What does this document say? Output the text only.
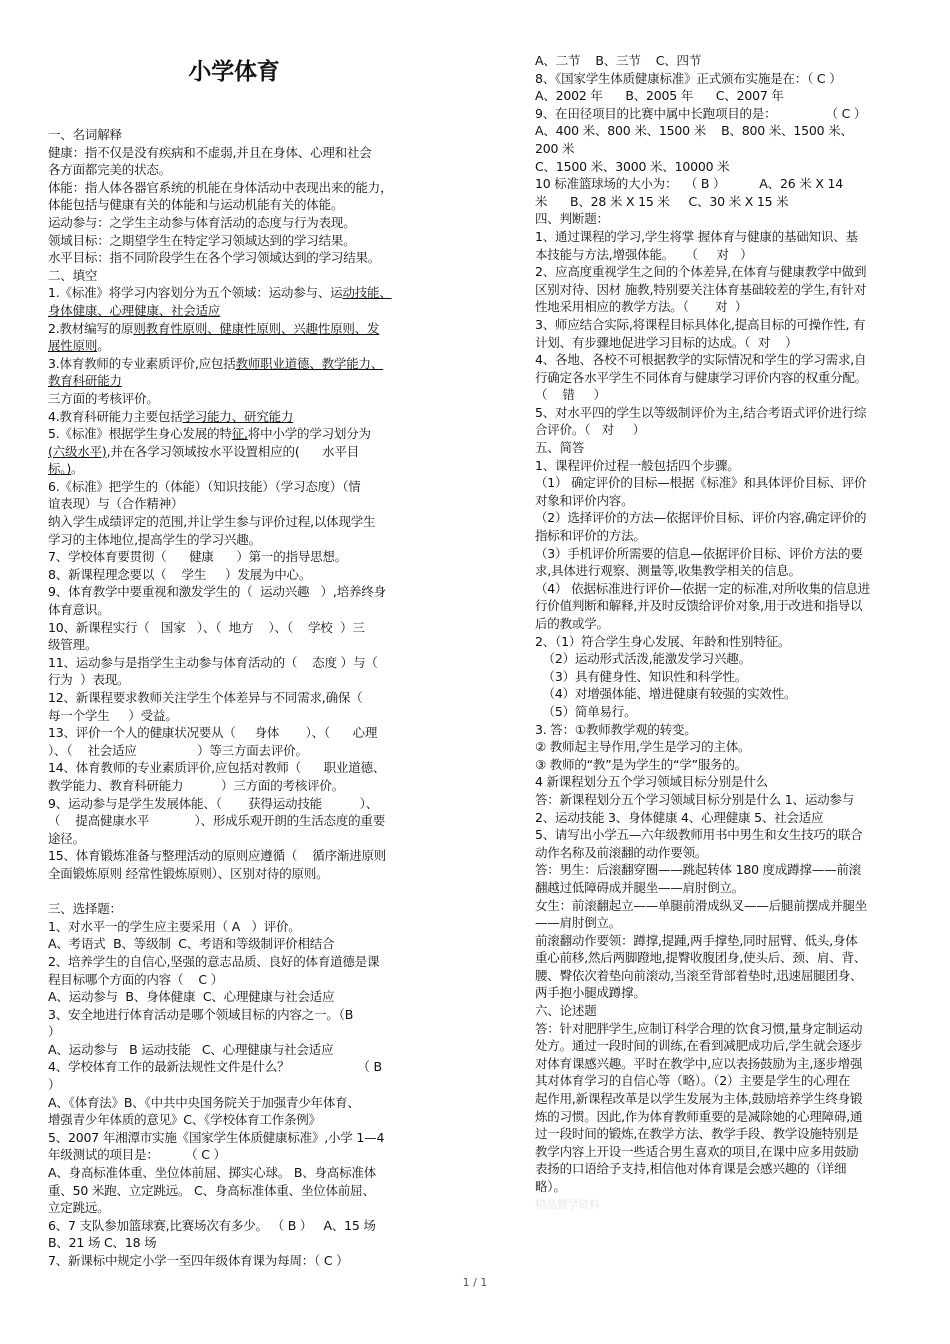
小学体育
一、名词解释
健康：指不仅是没有疾病和不虚弱,并且在身体、心理和社会
各方面都完美的状态。
体能：指人体各器官系统的机能在身体活动中表现出来的能力，
体能包括与健康有关的体能和与运动机能有关的体能。
运动参与：之学生主动参与体育活动的态度与行为表现。
领域目标：之期望学生在特定学习领域达到的学习结果。
水平目标：指不同阶段学生在各个学习领域达到的学习结果。
二、填空
1.《标准》将学习内容划分为五个领域：运动参与、运动技能、
身体健康、心理健康、社会适应
2.教材编写的原则教育性原则、健康性原则、兴趣性原则、发
展性原则。
3.体育教师的专业素质评价,应包括教师职业道德、教学能力、
教育科研能力
三方面的考核评价。
4.教育科研能力主要包括学习能力、研究能力
5.《标准》根据学生身心发展的特征,将中小学的学习划分为
(六级水平),并在各学习领域按水平设置相应的(      水平目
标。)。
6.《标准》把学生的（体能）（知识技能）（学习态度）（情
谊表现）与（合作精神）
纳入学生成绩评定的范围,并让学生参与评价过程,以体现学生
学习的主体地位,提高学生的学习兴趣。
7、学校体育要贯彻（      健康      ）第一的指导思想。
8、新课程理念要以（    学生     ）发展为中心。
9、体育教学中要重视和激发学生的（  运动兴趣   ）,培养终身
体育意识。
10、新课程实行（   国家   ）、（  地方    ）、（    学校  ）三
级管理。
11、运动参与是指学生主动参与体育活动的（    态度 ）与（
行为  ）表现。
12、新课程要求教师关注学生个体差异与不同需求,确保（
每一个学生     ）受益。
13、评价一个人的健康状况要从（     身体       ）、（      心理
）、（    社会适应                ）等三方面去评价。
14、体育教师的专业素质评价,应包括对教师（      职业道德、
教学能力、教育科研能力          ）三方面的考核评价。
9、运动参与是学生发展体能、（       获得运动技能          ）、
（    提高健康水平            ）、形成乐观开朗的生活态度的重要
途径。
15、体育锻炼准备与整理活动的原则应遵循（    循序渐进原则
全面锻炼原则 经常性锻炼原则）、区别对待的原则。
三、选择题：
1、对水平一的学生应主要采用（ A   ）评价。
A、考语式  B、等级制  C、考语和等级制评价相结合
2、培养学生的自信心,坚强的意志品质、良好的体育道德是课
程目标哪个方面的内容（    C ）
A、运动参与  B、身体健康  C、心理健康与社会适应
3、安全地进行体育活动是哪个领域目标的内容之一。（B
）
A、运动参与   B 运动技能   C、心理健康与社会适应
4、学校体育工作的最新法规性文件是什么？                  （ B
）
A、《体育法》B、《中共中央国务院关于加强青少年体育、
增强青少年体质的意见》C、《学校体育工作条例》
5、2007 年湘潭市实施《国家学生体质健康标准》,小学 1—4
年级测试的项目是：       （ C ）
A、身高标准体重、坐位体前屈、掷实心球。 B、身高标准体
重、50 米跑、立定跳远。 C、身高标准体重、坐位体前屈、
立定跳远。
6、7 支队参加篮球赛,比赛场次有多少。 （ B ）   A、15 场
B、21 场 C、18 场
7、新课标中规定小学一至四年级体育课为每周：（ C ）
A、二节    B、三节    C、四节
8、《国家学生体质健康标准》正式颁布实施是在：（ C ）
A、2002 年      B、2005 年      C、2007 年
9、在田径项目的比赛中属中长跑项目的是：             （ C ）
A、400 米、800 米、1500 米    B、800 米、1500 米、
200 米
C、1500 米、3000 米、10000 米
10 标准篮球场的大小为：  （ B ）         A、26 米 X 14
米      B、28 米 X 15 米     C、30 米 X 15 米
四、判断题：
1、通过课程的学习,学生将掌 握体育与健康的基础知识、基
本技能与方法,增强体能。   （     对   ）
2、应高度重视学生之间的个体差异,在体育与健康教学中做到
区别对待、因材 施教,特别要关注体育基础较差的学生,有针对
性地采用相应的教学方法。（       对  ）
3、师应结合实际,将课程目标具体化,提高目标的可操作性, 有
计划、有步骤地促进学习目标的达成。（  对    ）
4、各地、各校不可根据教学的实际情况和学生的学习需求,自
行确定各水平学生不同体育与健康学习评价内容的权重分配。
（    错     ）
5、对水平四的学生以等级制评价为主,结合考语式评价进行综
合评价。（   对     ）
五、简答
1、课程评价过程一般包括四个步骤。
（1） 确定评价的目标—根据《标准》和具体评价目标、评价
对象和评价内容。
（2）选择评价的方法—依据评价目标、评价内容,确定评价的
指标和评价的方法。
（3）手机评价所需要的信息—依据评价目标、评价方法的要
求,具体进行观察、测量等,收集教学相关的信息。
（4） 依据标准进行评价—依据一定的标准,对所收集的信息进
行价值判断和解释,并及时反馈给评价对象,用于改进和指导以
后的教或学。
2、（1）符合学生身心发展、年龄和性别特征。
（2）运动形式活泼,能激发学习兴趣。
（3）具有健身性、知识性和科学性。
（4）对增强体能、增进健康有较强的实效性。
（5）简单易行。
3. 答：①教师教学观的转变。
② 教师起主导作用,学生是学习的主体。
③ 教师的“教”是为学生的“学”服务的。
4 新课程划分五个学习领域目标分别是什么
答：新课程划分五个学习领域目标分别是什么 1、运动参与
2、运动技能 3、身体健康 4、心理健康 5、社会适应
5、请写出小学五—六年级教师用书中男生和女生技巧的联合
动作名称及前滚翻的动作要领。
答：男生：后滚翻穿圈——跳起转体 180 度成蹲撑——前滚
翻越过低障碍成并腿坐——肩肘倒立。
女生：前滚翻起立——单腿前滑成纵叉——后腿前摆成并腿坐
——肩肘倒立。
前滚翻动作要领：蹲撑,提踵,两手撑垫,同时屈臂、低头,身体
重心前移,然后两脚蹬地,提臀收腹团身,使头后、颈、肩、背、
腰、臀依次着垫向前滚动,当滚至背部着垫时,迅速屈腿团身、
两手抱小腿成蹲撑。
六、论述题
答：针对肥胖学生,应制订科学合理的饮食习惯,量身定制运动
处方。通过一段时间的训练,在看到减肥成功后,学生就会逐步
对体育课感兴趣。平时在教学中,应以表扬鼓励为主,逐步增强
其对体育学习的自信心等（略）。（2）主要是学生的心理在
起作用,新课程改革是以学生发展为主体,鼓励培养学生终身锻
炼的习惯。因此,作为体育教师重要的是减除她的心理障碍,通
过一段时间的锻炼,在教学方法、教学手段、教学设施特别是
教学内容上开设一些适合男生喜欢的项目,在课中应多用鼓励
表扬的口语给予支持,相信他对体育课是会感兴趣的（详细
略）。
精品教学资料
1 / 1
